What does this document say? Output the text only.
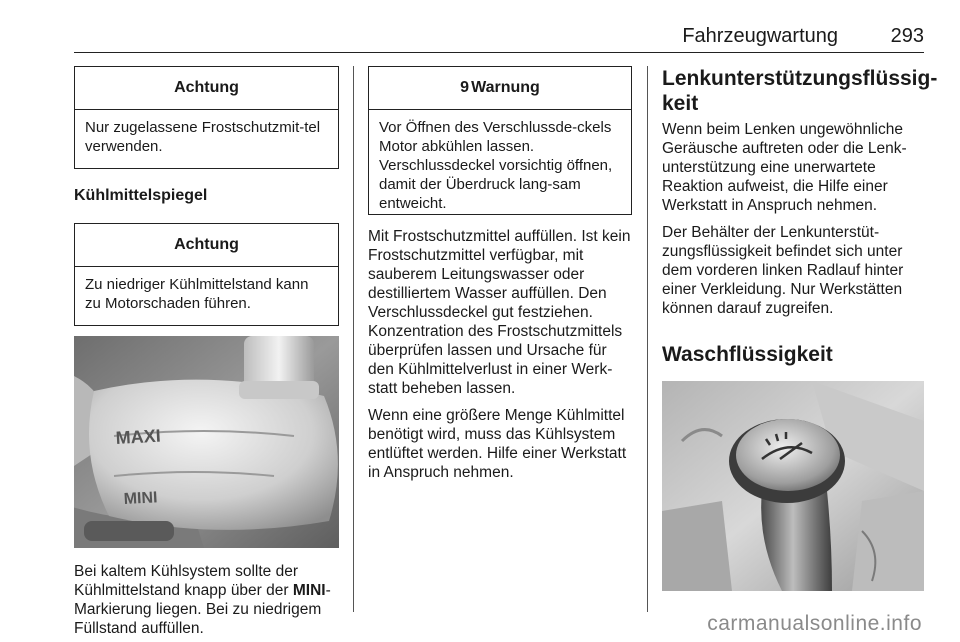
Fahrzeugwartung	293
Achtung
Nur zugelassene Frostschutzmit-tel verwenden.
Kühlmittelspiegel
Achtung
Zu niedriger Kühlmittelstand kann zu Motorschaden führen.
MAXI
MINI

Bei kaltem Kühlsystem sollte der Kühlmittelstand knapp über der MINI-Markierung liegen. Bei zu niedrigem Füllstand auffüllen.

9 Warnung
Vor Öffnen des Verschlussde-ckels Motor abkühlen lassen. Verschlussdeckel vorsichtig öffnen, damit der Überdruck lang-sam entweicht.

Mit Frostschutzmittel auffüllen. Ist kein Frostschutzmittel verfügbar, mit sauberem Leitungswasser oder destilliertem Wasser auffüllen. Den Verschlussdeckel gut festziehen. Konzentration des Frostschutzmittels überprüfen lassen und Ursache für den Kühlmittelverlust in einer Werk-statt beheben lassen.

Wenn eine größere Menge Kühlmittel benötigt wird, muss das Kühlsystem entlüftet werden. Hilfe einer Werkstatt in Anspruch nehmen.

Lenkunterstützungsflüssig-keit

Wenn beim Lenken ungewöhnliche Geräusche auftreten oder die Lenk-unterstützung eine unerwartete Reaktion aufweist, die Hilfe einer Werkstatt in Anspruch nehmen.

Der Behälter der Lenkunterstüt-zungsflüssigkeit befindet sich unter dem vorderen linken Radlauf hinter einer Verkleidung. Nur Werkstätten können darauf zugreifen.

Waschflüssigkeit
carmanualsonline.info
